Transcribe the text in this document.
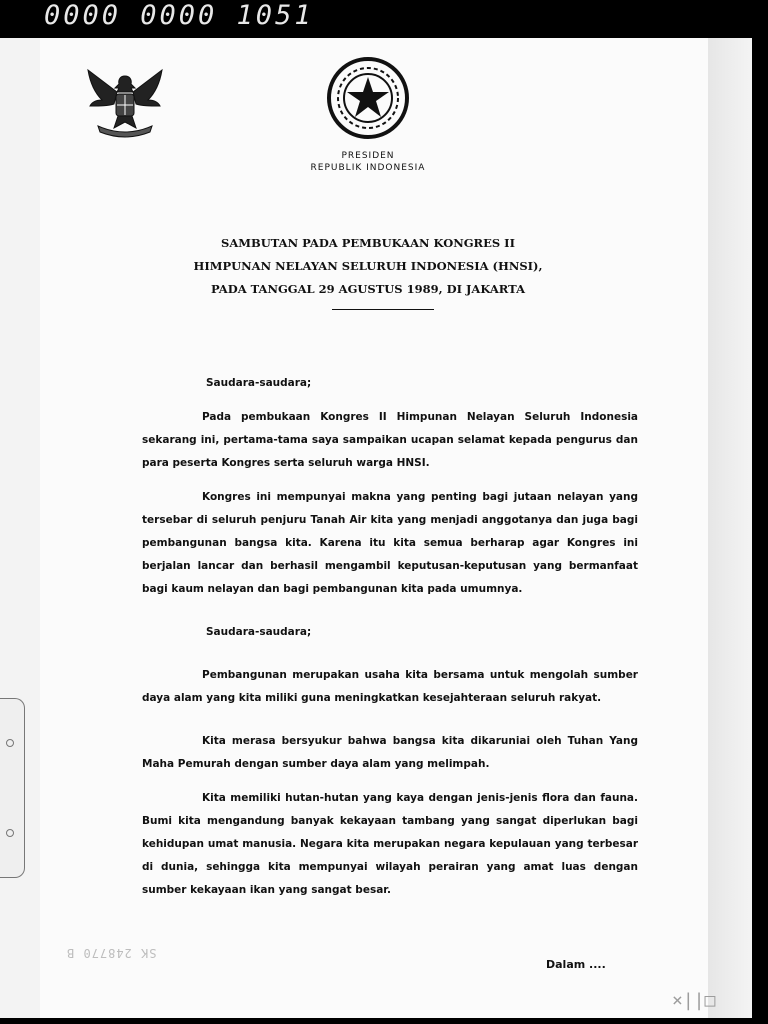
0000 0000 1051
PRESIDEN
REPUBLIK INDONESIA
SAMBUTAN PADA PEMBUKAAN KONGRES II
HIMPUNAN NELAYAN SELURUH INDONESIA (HNSI),
PADA TANGGAL 29 AGUSTUS 1989, DI JAKARTA

Saudara-saudara;

Pada pembukaan Kongres II Himpunan Nelayan Seluruh Indonesia sekarang ini, pertama-tama saya sampaikan ucapan selamat kepada pengurus dan para peserta Kongres serta seluruh warga HNSI.

Kongres ini mempunyai makna yang penting bagi jutaan nelayan yang tersebar di seluruh penjuru Tanah Air kita yang menjadi anggotanya dan juga bagi pembangunan bangsa kita. Karena itu kita semua berharap agar Kongres ini berjalan lancar dan berhasil mengambil keputusan-keputusan yang bermanfaat bagi kaum nelayan dan bagi pembangunan kita pada umumnya.

Saudara-saudara;

Pembangunan merupakan usaha kita bersama untuk mengolah sumber daya alam yang kita miliki guna meningkatkan kesejahteraan seluruh rakyat.

Kita merasa bersyukur bahwa bangsa kita dikaruniai oleh Tuhan Yang Maha Pemurah dengan sumber daya alam yang melimpah.

Kita memiliki hutan-hutan yang kaya dengan jenis-jenis flora dan fauna. Bumi kita mengandung banyak kekayaan tambang yang sangat diperlukan bagi kehidupan umat manusia. Negara kita merupakan negara kepulauan yang terbesar di dunia, sehingga kita mempunyai wilayah perairan yang amat luas dengan sumber kekayaan ikan yang sangat besar.

Dalam ....
SK 248770 B
×||□
